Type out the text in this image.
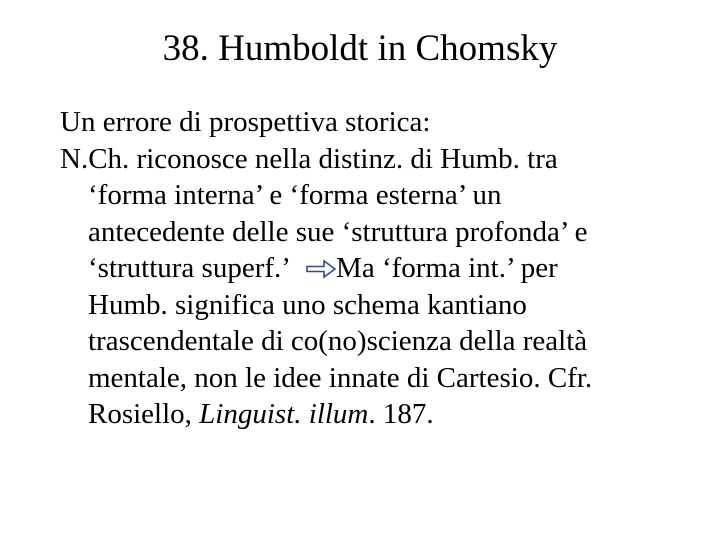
38. Humboldt in Chomsky
Un errore di prospettiva storica:
N.Ch. riconosce nella distinz. di Humb. tra
‘forma interna’ e ‘forma esterna’ un
antecedente delle sue ‘struttura profonda’ e
‘struttura superf.’ Ma ‘forma int.’ per
Humb. significa uno schema kantiano
trascendentale di co(no)scienza della realtà
mentale, non le idee innate di Cartesio. Cfr.
Rosiello, Linguist. illum. 187.
